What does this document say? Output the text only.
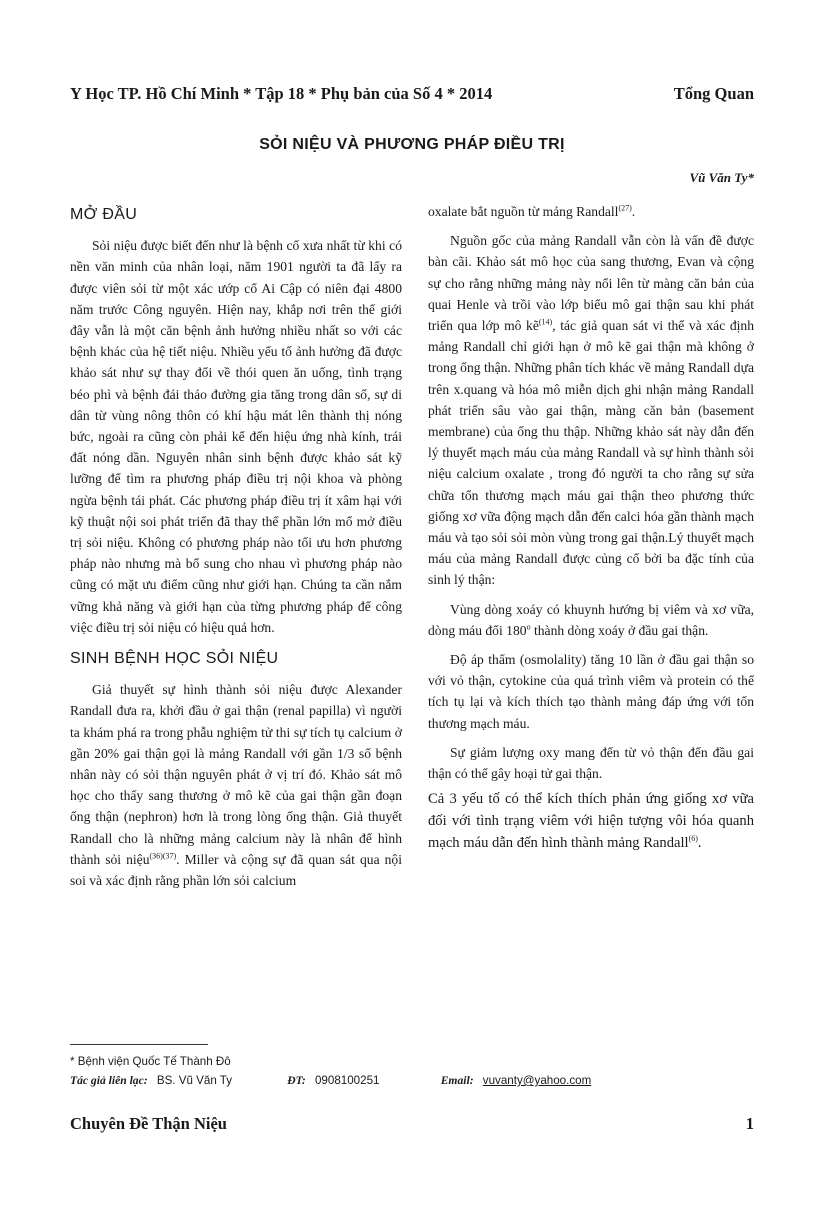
Y Học TP. Hồ Chí Minh * Tập 18 * Phụ bản của Số 4 * 2014	Tổng Quan
SỎI NIỆU VÀ PHƯƠNG PHÁP ĐIỀU TRỊ
Vũ Văn Ty*
MỞ ĐẦU

Sỏi niệu được biết đến như là bệnh cổ xưa nhất từ khi có nền văn minh của nhân loại, năm 1901 người ta đã lấy ra được viên sỏi từ một xác ướp cổ Ai Cập có niên đại 4800 năm trước Công nguyên. Hiện nay, khắp nơi trên thế giới đây vẫn là một căn bệnh ảnh hưởng nhiều nhất so với các bệnh khác của hệ tiết niệu. Nhiều yếu tố ảnh hưởng đã được khảo sát như sự thay đổi về thói quen ăn uống, tình trạng béo phì và bệnh đái tháo đường gia tăng trong dân số, sự di dân từ vùng nông thôn có khí hậu mát lên thành thị nóng bức, ngoài ra cũng còn phải kể đến hiệu ứng nhà kính, trái đất nóng dần. Nguyên nhân sinh bệnh được khảo sát kỹ lưỡng để tìm ra phương pháp điều trị nội khoa và phòng ngừa bệnh tái phát. Các phương pháp điều trị ít xâm hại với kỹ thuật nội soi phát triển đã thay thế phần lớn mổ mở điều trị sỏi niệu. Không có phương pháp nào tối ưu hơn phương pháp nào nhưng mà bổ sung cho nhau vì phương pháp nào cũng có mặt ưu điểm cũng như giới hạn. Chúng ta cần nắm vững khả năng và giới hạn của từng phương pháp để công việc điều trị sỏi niệu có hiệu quả hơn.

SINH BỆNH HỌC SỎI NIỆU

Giả thuyết sự hình thành sỏi niệu được Alexander Randall đưa ra, khởi đầu ở gai thận (renal papilla) vì người ta khám phá ra trong phẫu nghiệm tử thi sự tích tụ calcium ở gần 20% gai thận gọi là mảng Randall với gần 1/3 số bệnh nhân này có sỏi thận nguyên phát ở vị trí đó. Khảo sát mô học cho thấy sang thương ở mô kẽ của gai thận gần đoạn ống thận (nephron) hơn là trong lòng ống thận. Giả thuyết Randall cho là những mảng calcium này là nhân để hình thành sỏi niệu$^{(36)(37)}$. Miller và cộng sự đã quan sát qua nội soi và xác định rằng phần lớn sỏi calcium

oxalate bắt nguồn từ mảng Randall$^{(27)}$.

Nguồn gốc của mảng Randall vẫn còn là vấn đề được bàn cãi. Khảo sát mô học của sang thương, Evan và cộng sự cho rằng những mảng này nổi lên từ màng căn bản của quai Henle và trồi vào lớp biểu mô gai thận sau khi phát triển qua lớp mô kẽ$^{(14)}$, tác giả quan sát vi thể và xác định mảng Randall chỉ giới hạn ở mô kẽ gai thận mà không ở trong ống thận. Những phân tích khác về mảng Randall dựa trên x.quang và hóa mô miễn dịch ghi nhận mảng Randall phát triển sâu vào gai thận, màng căn bản (basement membrane) của ống thu thập. Những khảo sát này dẫn đến lý thuyết mạch máu của mảng Randall và sự hình thành sỏi niệu calcium oxalate , trong đó người ta cho rằng sự sửa chữa tổn thương mạch máu gai thận theo phương thức giống xơ vữa động mạch dẫn đến calci hóa gần thành mạch máu và tạo sỏi sỏi mòn vùng trong gai thận.Lý thuyết mạch máu của mảng Randall được củng cố bởi ba đặc tính của sinh lý thận:

Vùng dòng xoáy có khuynh hướng bị viêm và xơ vữa, dòng máu đổi 180$^o$ thành dòng xoáy ở đầu gai thận.

Độ áp thẩm (osmolality) tăng 10 lần ở đầu gai thận so với vỏ thận, cytokine của quá trình viêm và protein có thể tích tụ lại và kích thích tạo thành mảng đáp ứng với tổn thương mạch máu.

Sự giảm lượng oxy mang đến từ vỏ thận đến đầu gai thận có thể gây hoại tử gai thận.

Cả 3 yếu tố có thể kích thích phản ứng giống xơ vữa đối với tình trạng viêm với hiện tượng vôi hóa quanh mạch máu dẫn đến hình thành mảng Randall$^{(6)}$.

* Bệnh viện Quốc Tế Thành Đô
Tác giả liên lạc: BS. Vũ Văn Ty	ĐT: 0908100251	Email: vuvanty@yahoo.com
Chuyên Đề Thận Niệu	1
